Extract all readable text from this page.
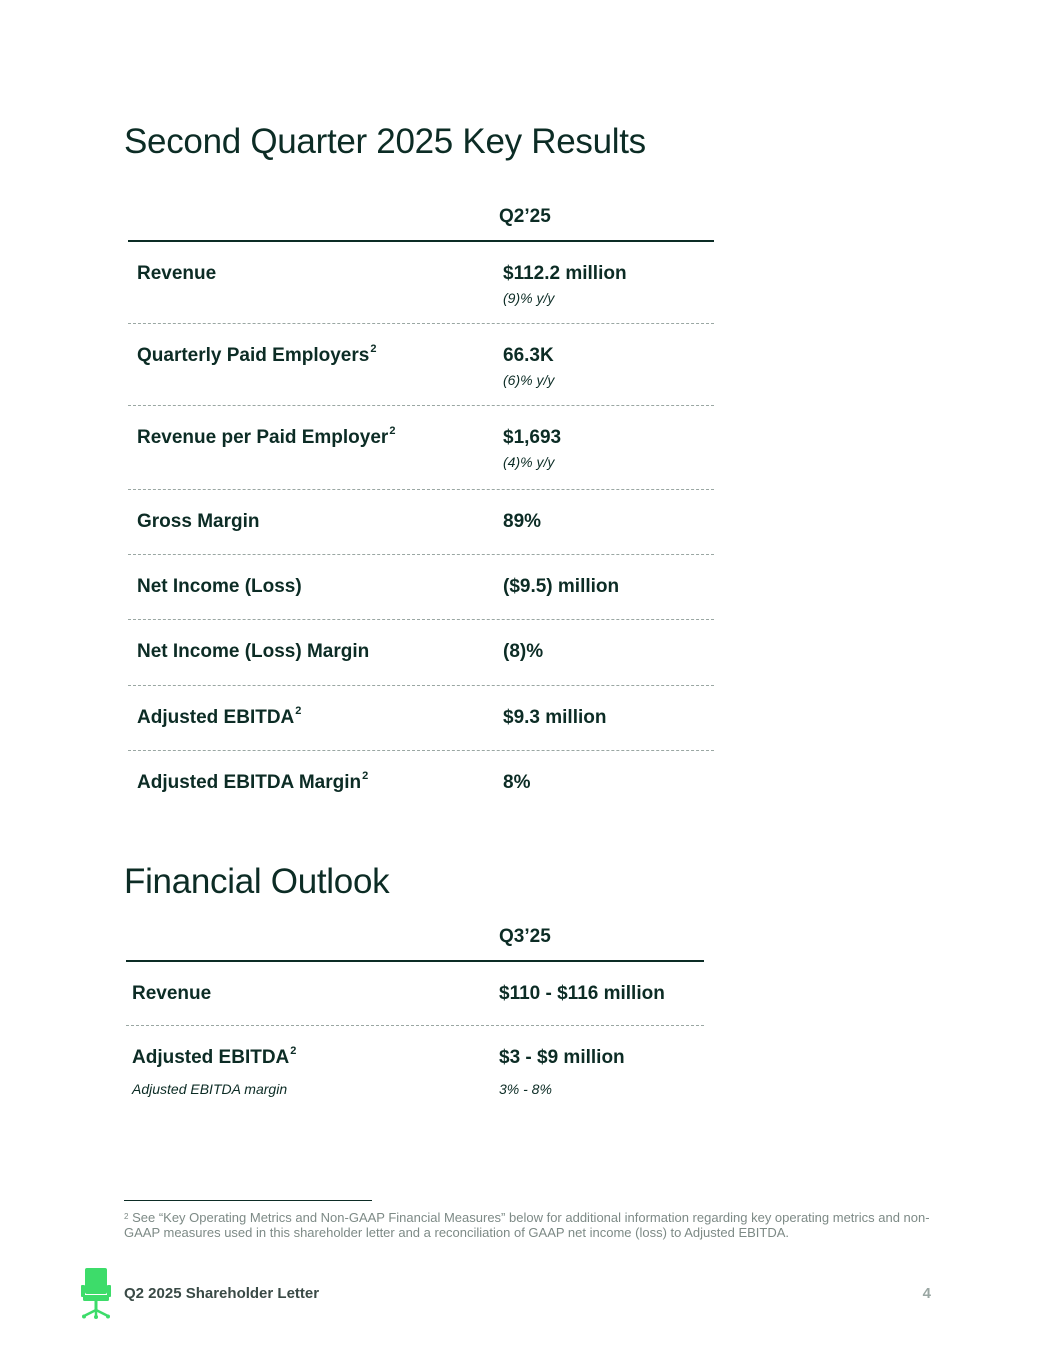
Second Quarter 2025 Key Results
Q2’25
Revenue	$112.2 million
(9)% y/y
Quarterly Paid Employers$^2$	66.3K
(6)% y/y
Revenue per Paid Employer$^2$	$1,693
(4)% y/y
Gross Margin	89%
Net Income (Loss)	($9.5) million
Net Income (Loss) Margin	(8)%
Adjusted EBITDA$^2$	$9.3 million
Adjusted EBITDA Margin$^2$	8%
Financial Outlook
Q3’25
Revenue	$110 - $116 million
Adjusted EBITDA$^2$	$3 - $9 million
Adjusted EBITDA margin	3% - 8%
$^2$ See “Key Operating Metrics and Non-GAAP Financial Measures” below for additional information regarding key operating metrics and non-GAAP measures used in this shareholder letter and a reconciliation of GAAP net income (loss) to Adjusted EBITDA.
Q2 2025 Shareholder Letter	4
